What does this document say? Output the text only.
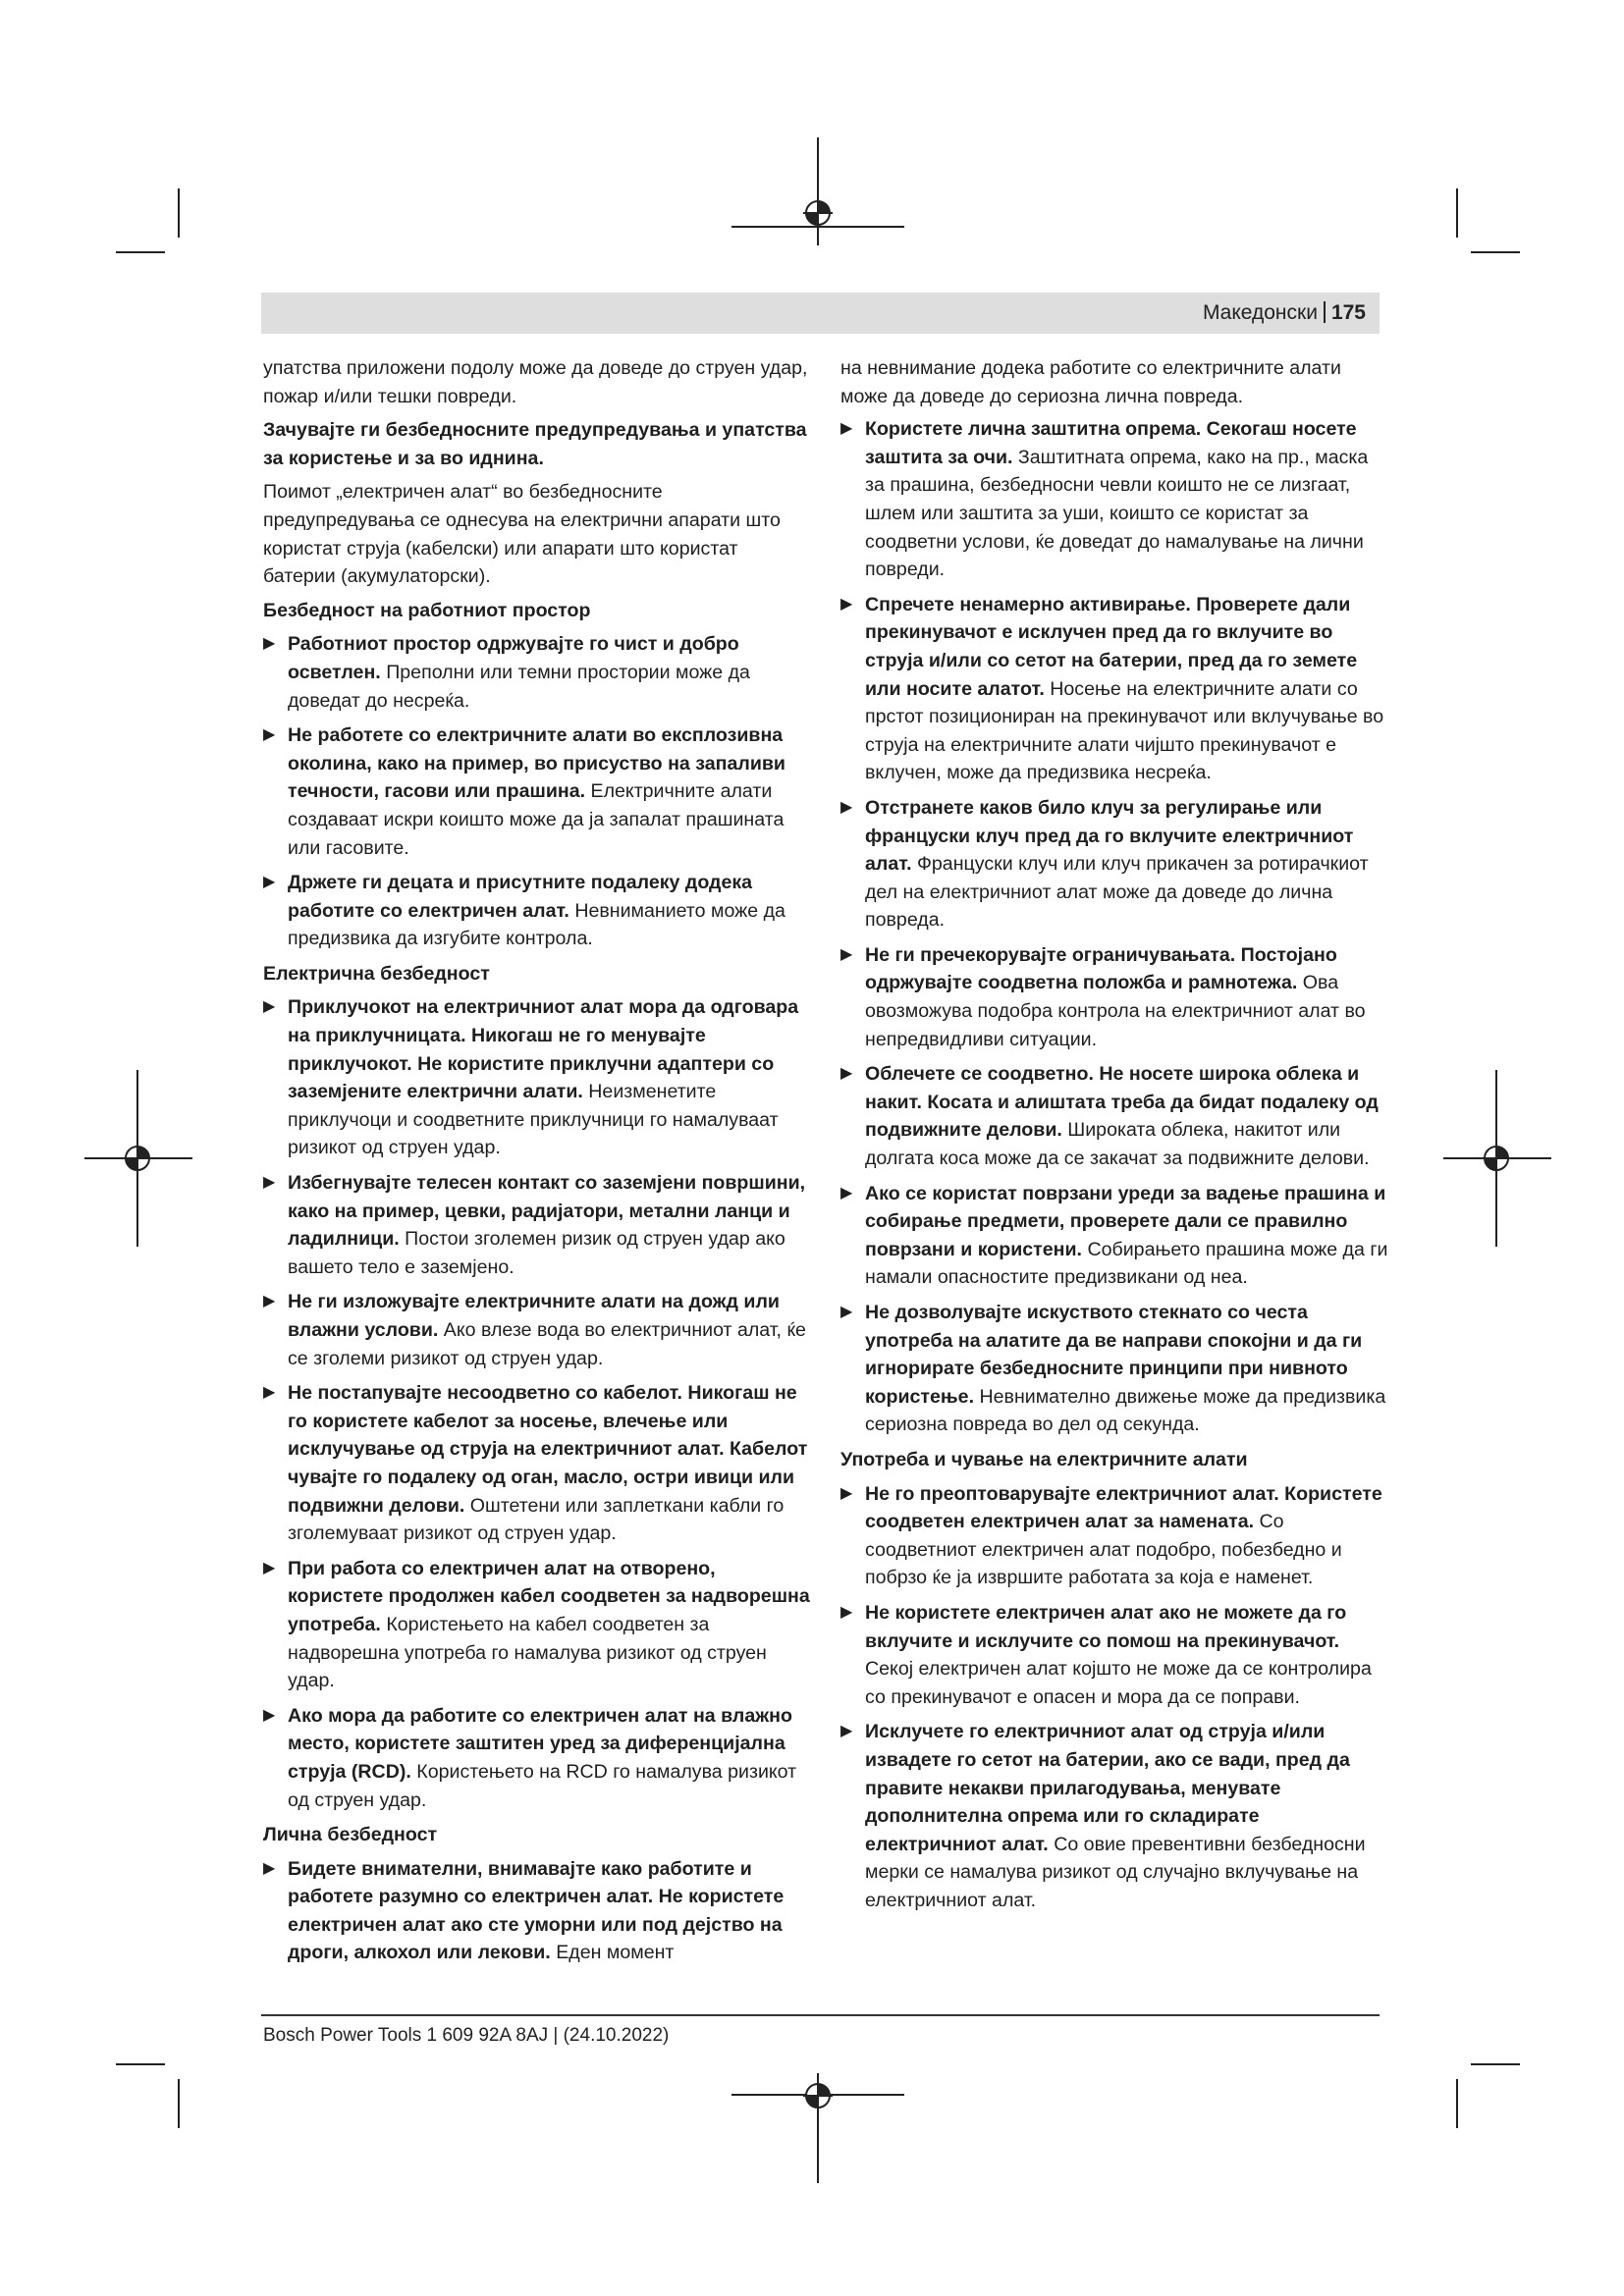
Македонски 175

упатства приложени подолу може да доведе до струен удар, пожар и/или тешки повреди.

Зачувајте ги безбедносните предупредувања и упатства за користење и за во иднина.

Поимот „електричен алат“ во безбедносните предупредувања се однесува на електрични апарати што користат струја (кабелски) или апарати што користат батерии (акумулаторски).

Безбедност на работниот простор

▶ Работниот простор одржувајте го чист и добро осветлен. Преполни или темни простории може да доведат до несреќа.
▶ Не работете со електричните алати во експлозивна околина, како на пример, во присуство на запаливи течности, гасови или прашина. Електричните алати создаваат искри коишто може да ја запалат прашината или гасовите.
▶ Држете ги децата и присутните подалеку додека работите со електричен алат. Невниманието може да предизвика да изгубите контрола.

Електрична безбедност

▶ Приклучокот на електричниот алат мора да одговара на приклучницата. Никогаш не го менувајте приклучокот. Не користите приклучни адаптери со заземјените електрични алати. Неизменетите приклучоци и соодветните приклучници го намалуваат ризикот од струен удар.
▶ Избегнувајте телесен контакт со заземјени површини, како на пример, цевки, радијатори, метални ланци и ладилници. Постои зголемен ризик од струен удар ако вашето тело е заземјено.
▶ Не ги изложувајте електричните алати на дожд или влажни услови. Ако влезе вода во електричниот алат, ќе се зголеми ризикот од струен удар.
▶ Не постапувајте несоодветно со кабелот. Никогаш не го користете кабелот за носење, влечење или исклучување од струја на електричниот алат. Кабелот чувајте го подалеку од оган, масло, остри ивици или подвижни делови. Оштетени или заплеткани кабли го зголемуваат ризикот од струен удар.
▶ При работа со електричен алат на отворено, користете продолжен кабел соодветен за надворешна употреба. Користењето на кабел соодветен за надворешна употреба го намалува ризикот од струен удар.
▶ Ако мора да работите со електричен алат на влажно место, користете заштитен уред за диференцијална струја (RCD). Користењето на RCD го намалува ризикот од струен удар.

Лична безбедност

▶ Бидете внимателни, внимавајте како работите и работете разумно со електричен алат. Не користете електричен алат ако сте уморни или под дејство на дроги, алкохол или лекови. Еден момент

на невнимание додека работите со електричните алати може да доведе до сериозна лична повреда.

▶ Користете лична заштитна опрема. Секогаш носете заштита за очи. Заштитната опрема, како на пр., маска за прашина, безбедносни чевли коишто не се лизгаат, шлем или заштита за уши, коишто се користат за соодветни услови, ќе доведат до намалување на лични повреди.
▶ Спречете ненамерно активирање. Проверете дали прекинувачот е исклучен пред да го вклучите во струја и/или со сетот на батерии, пред да го земете или носите алатот. Носење на електричните алати со прстот позициониран на прекинувачот или вклучување во струја на електричните алати чијшто прекинувачот е вклучен, може да предизвика несреќа.
▶ Отстранете каков било клуч за регулирање или француски клуч пред да го вклучите електричниот алат. Француски клуч или клуч прикачен за ротирачкиот дел на електричниот алат може да доведе до лична повреда.
▶ Не ги пречекорувајте ограничувањата. Постојано одржувајте соодветна положба и рамнотежа. Ова овозможува подобра контрола на електричниот алат во непредвидливи ситуации.
▶ Облечете се соодветно. Не носете широка облека и накит. Косата и алиштата треба да бидат подалеку од подвижните делови. Широката облека, накитот или долгата коса може да се закачат за подвижните делови.
▶ Ако се користат поврзани уреди за вадење прашина и собирање предмети, проверете дали се правилно поврзани и користени. Собирањето прашина може да ги намали опасностите предизвикани од неа.
▶ Не дозволувајте искуството стекнато со честа употреба на алатите да ве направи спокојни и да ги игнорирате безбедносните принципи при нивното користење. Невнимателно движење може да предизвика сериозна повреда во дел од секунда.

Употреба и чување на електричните алати

▶ Не го преоптоварувајте електричниот алат. Користете соодветен електричен алат за намената. Со соодветниот електричен алат подобро, побезбедно и побрзо ќе ја извршите работата за која е наменет.
▶ Не користете електричен алат ако не можете да го вклучите и исклучите со помош на прекинувачот. Секој електричен алат којшто не може да се контролира со прекинувачот е опасен и мора да се поправи.
▶ Исклучете го електричниот алат од струја и/или извадете го сетот на батерии, ако се вади, пред да правите некакви прилагодувања, менувате дополнителна опрема или го складирате електричниот алат. Со овие превентивни безбедносни мерки се намалува ризикот од случајно вклучување на електричниот алат.
Bosch Power Tools 1 609 92A 8AJ | (24.10.2022)
